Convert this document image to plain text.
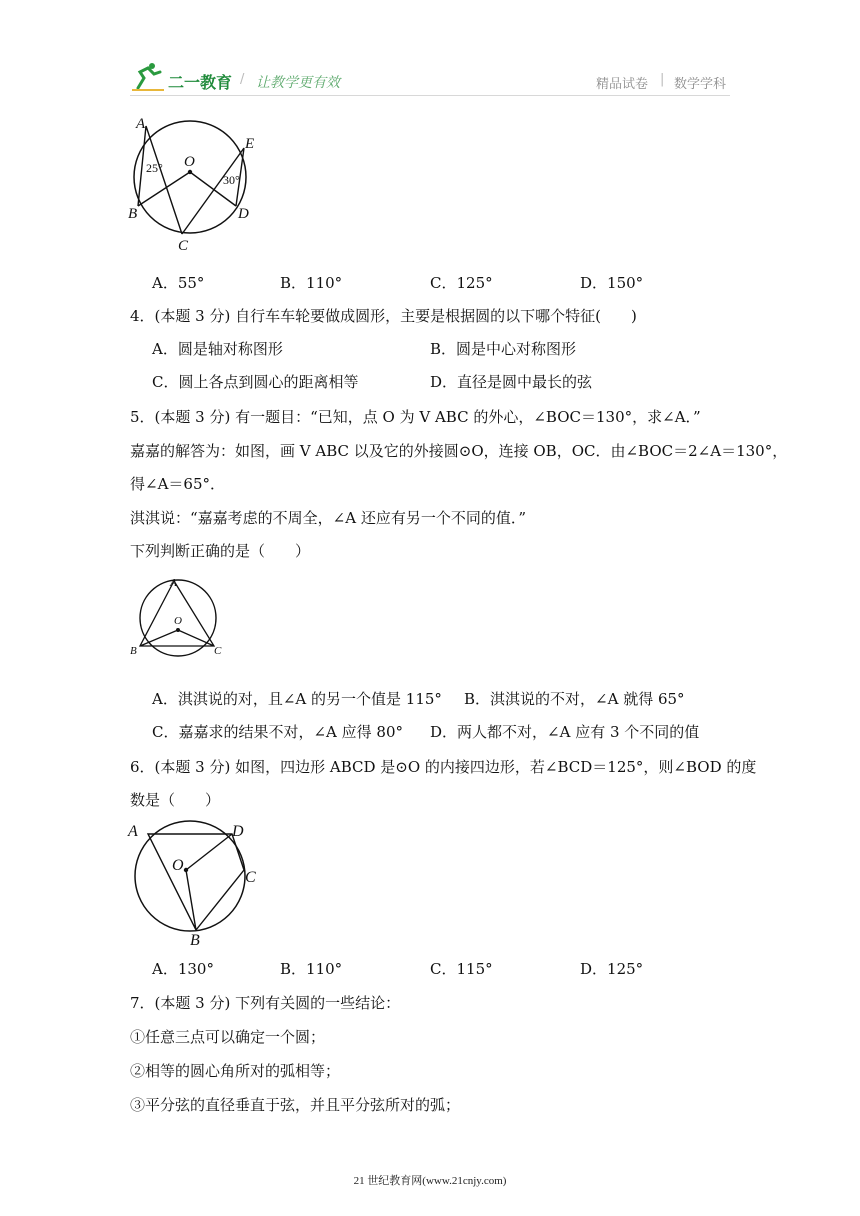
二一教育 / 让教学更有效	精品试卷 | 数学学科
A
B
C
D
E
O
25°
30°
A．55°	B．110°	C．125°	D．150°
4．(本题 3 分) 自行车车轮要做成圆形，主要是根据圆的以下哪个特征(　　)
A．圆是轴对称图形	B．圆是中心对称图形
C．圆上各点到圆心的距离相等	D．直径是圆中最长的弦
5．(本题 3 分) 有一题目：“已知，点 O 为 V ABC 的外心，∠BOC＝130°，求∠A．”
嘉嘉的解答为：如图，画 V ABC 以及它的外接圆⊙O，连接 OB，OC．由∠BOC＝2∠A＝130°，
得∠A＝65°．
淇淇说：“嘉嘉考虑的不周全，∠A 还应有另一个不同的值．”
下列判断正确的是（　　）
A
B	C
O
A．淇淇说的对，且∠A 的另一个值是 115° B．淇淇说的不对，∠A 就得 65°
C．嘉嘉求的结果不对，∠A 应得 80° D．两人都不对，∠A 应有 3 个不同的值
6．(本题 3 分) 如图，四边形 ABCD 是⊙O 的内接四边形，若∠BCD＝125°，则∠BOD 的度
数是（　　）
A	D
C
B
O
A．130°	B．110°	C．115°	D．125°
7．(本题 3 分) 下列有关圆的一些结论：
①任意三点可以确定一个圆；
②相等的圆心角所对的弧相等；
③平分弦的直径垂直于弦，并且平分弦所对的弧；
21 世纪教育网(www.21cnjy.com)
